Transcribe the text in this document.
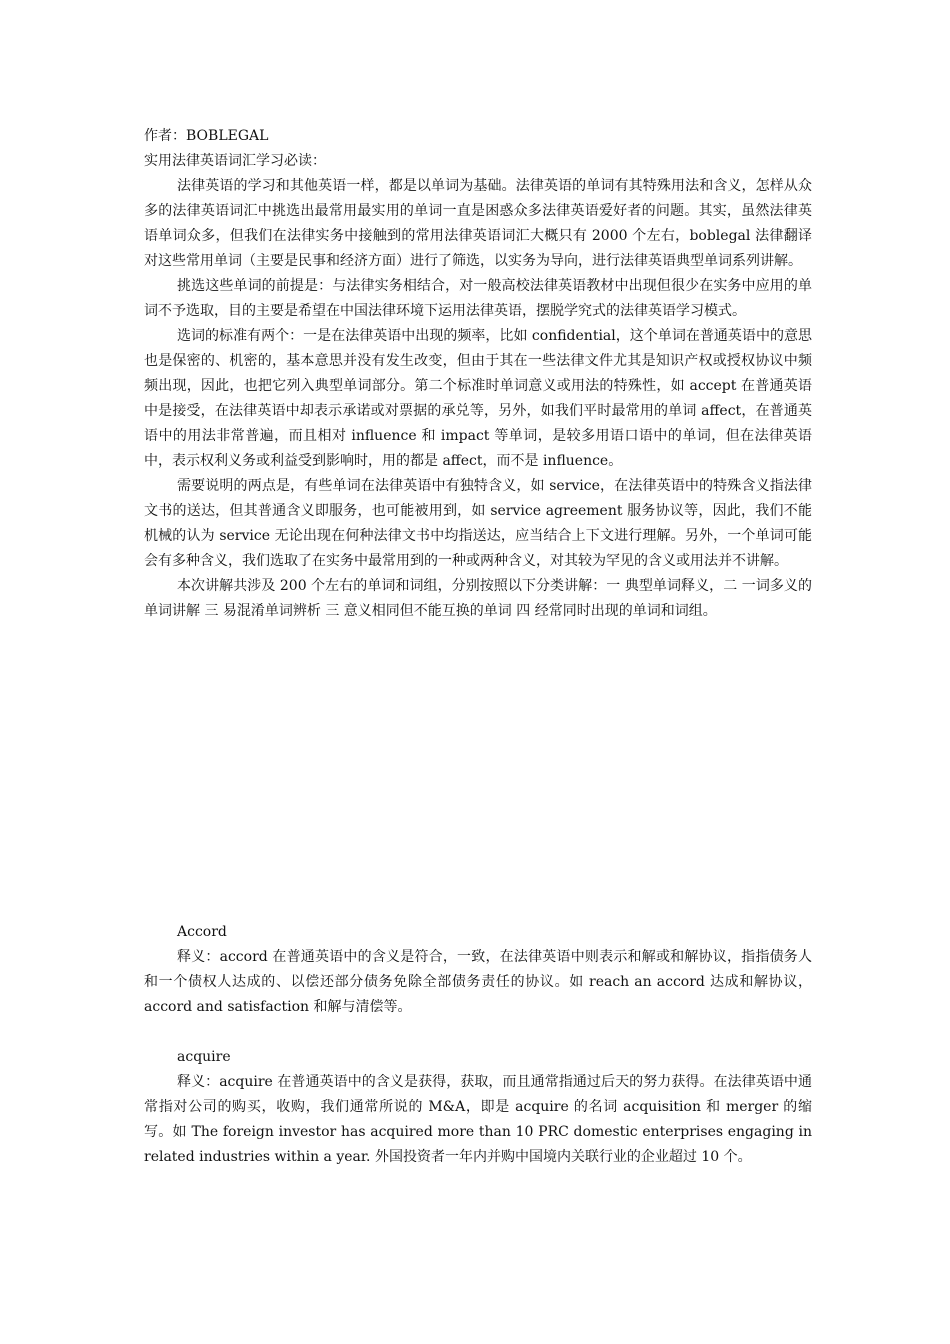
作者：BOBLEGAL

实用法律英语词汇学习必读：

法律英语的学习和其他英语一样，都是以单词为基础。法律英语的单词有其特殊用法和含义，怎样从众多的法律英语词汇中挑选出最常用最实用的单词一直是困惑众多法律英语爱好者的问题。其实，虽然法律英语单词众多，但我们在法律实务中接触到的常用法律英语词汇大概只有 2000 个左右，boblegal 法律翻译对这些常用单词（主要是民事和经济方面）进行了筛选，以实务为导向，进行法律英语典型单词系列讲解。

挑选这些单词的前提是：与法律实务相结合，对一般高校法律英语教材中出现但很少在实务中应用的单词不予选取，目的主要是希望在中国法律环境下运用法律英语，摆脱学究式的法律英语学习模式。

选词的标准有两个：一是在法律英语中出现的频率，比如 confidential，这个单词在普通英语中的意思也是保密的、机密的，基本意思并没有发生改变，但由于其在一些法律文件尤其是知识产权或授权协议中频频出现，因此，也把它列入典型单词部分。第二个标准时单词意义或用法的特殊性，如 accept 在普通英语中是接受，在法律英语中却表示承诺或对票据的承兑等，另外，如我们平时最常用的单词 affect，在普通英语中的用法非常普遍，而且相对 influence 和 impact 等单词，是较多用语口语中的单词，但在法律英语中，表示权利义务或利益受到影响时，用的都是 affect，而不是 influence。

需要说明的两点是，有些单词在法律英语中有独特含义，如 service，在法律英语中的特殊含义指法律文书的送达，但其普通含义即服务，也可能被用到，如 service agreement 服务协议等，因此，我们不能机械的认为 service 无论出现在何种法律文书中均指送达，应当结合上下文进行理解。另外，一个单词可能会有多种含义，我们选取了在实务中最常用到的一种或两种含义，对其较为罕见的含义或用法并不讲解。

本次讲解共涉及 200 个左右的单词和词组，分别按照以下分类讲解：一 典型单词释义，二 一词多义的单词讲解 三 易混淆单词辨析 三 意义相同但不能互换的单词 四 经常同时出现的单词和词组。

Accord

释义：accord 在普通英语中的含义是符合，一致，在法律英语中则表示和解或和解协议，指指债务人和一个债权人达成的、以偿还部分债务免除全部债务责任的协议。如 reach an accord 达成和解协议，accord and satisfaction 和解与清偿等。

acquire

释义：acquire 在普通英语中的含义是获得，获取，而且通常指通过后天的努力获得。在法律英语中通常指对公司的购买，收购，我们通常所说的 M&A，即是 acquire 的名词 acquisition 和 merger 的缩写。如 The foreign investor has acquired more than 10 PRC domestic enterprises engaging in related industries within a year. 外国投资者一年内并购中国境内关联行业的企业超过 10 个。
